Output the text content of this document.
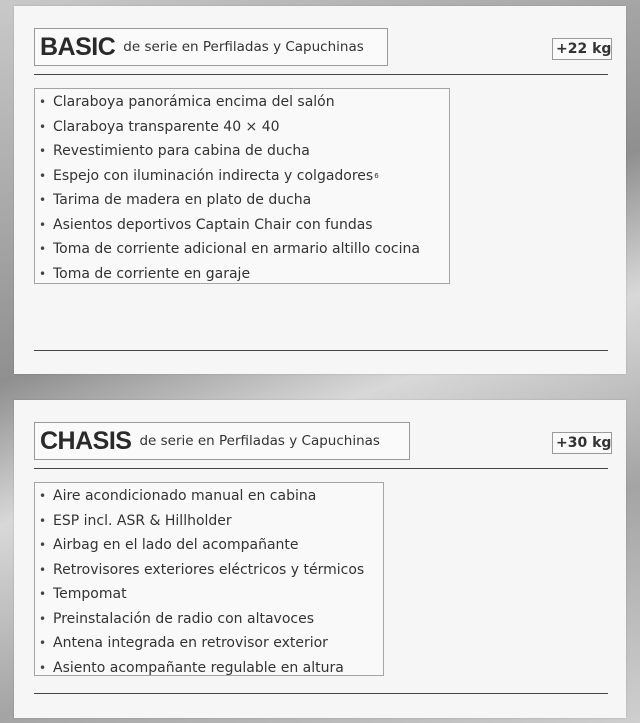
BASIC de serie en Perfiladas y Capuchinas	+22 kg
• Claraboya panorámica encima del salón
• Claraboya transparente 40 × 40
• Revestimiento para cabina de ducha
• Espejo con iluminación indirecta y colgadores 6
• Tarima de madera en plato de ducha
• Asientos deportivos Captain Chair con fundas
• Toma de corriente adicional en armario altillo cocina
• Toma de corriente en garaje
CHASIS de serie en Perfiladas y Capuchinas	+30 kg
• Aire acondicionado manual en cabina
• ESP incl. ASR & Hillholder
• Airbag en el lado del acompañante
• Retrovisores exteriores eléctricos y térmicos
• Tempomat
• Preinstalación de radio con altavoces
• Antena integrada en retrovisor exterior
• Asiento acompañante regulable en altura
